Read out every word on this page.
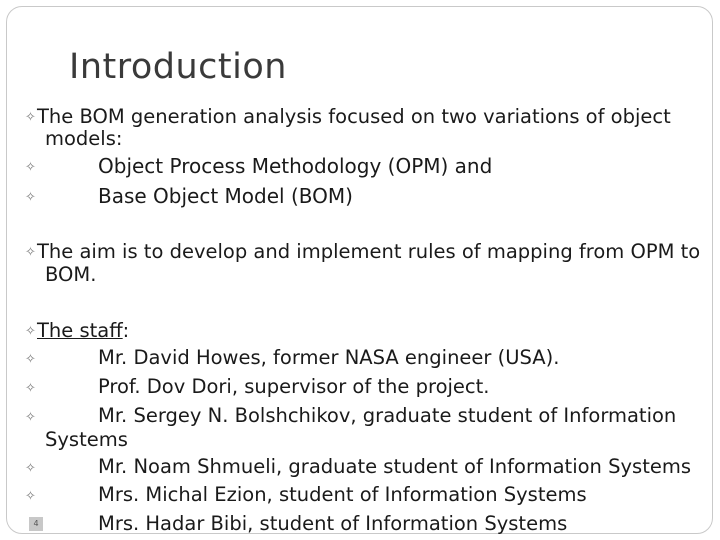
Introduction
✧The BOM generation analysis focused on two variations of object
models:
✧	Object Process Methodology (OPM) and
✧	Base Object Model (BOM)
✧The aim is to develop and implement rules of mapping from OPM to
BOM.
✧The staff:
✧	Mr. David Howes, former NASA engineer (USA).
✧	Prof. Dov Dori, supervisor of the project.
✧	Mr. Sergey N. Bolshchikov, graduate student of Information
Systems
✧	Mr. Noam Shmueli, graduate student of Information Systems
✧	Mrs. Michal Ezion, student of Information Systems
Mrs. Hadar Bibi, student of Information Systems
4
